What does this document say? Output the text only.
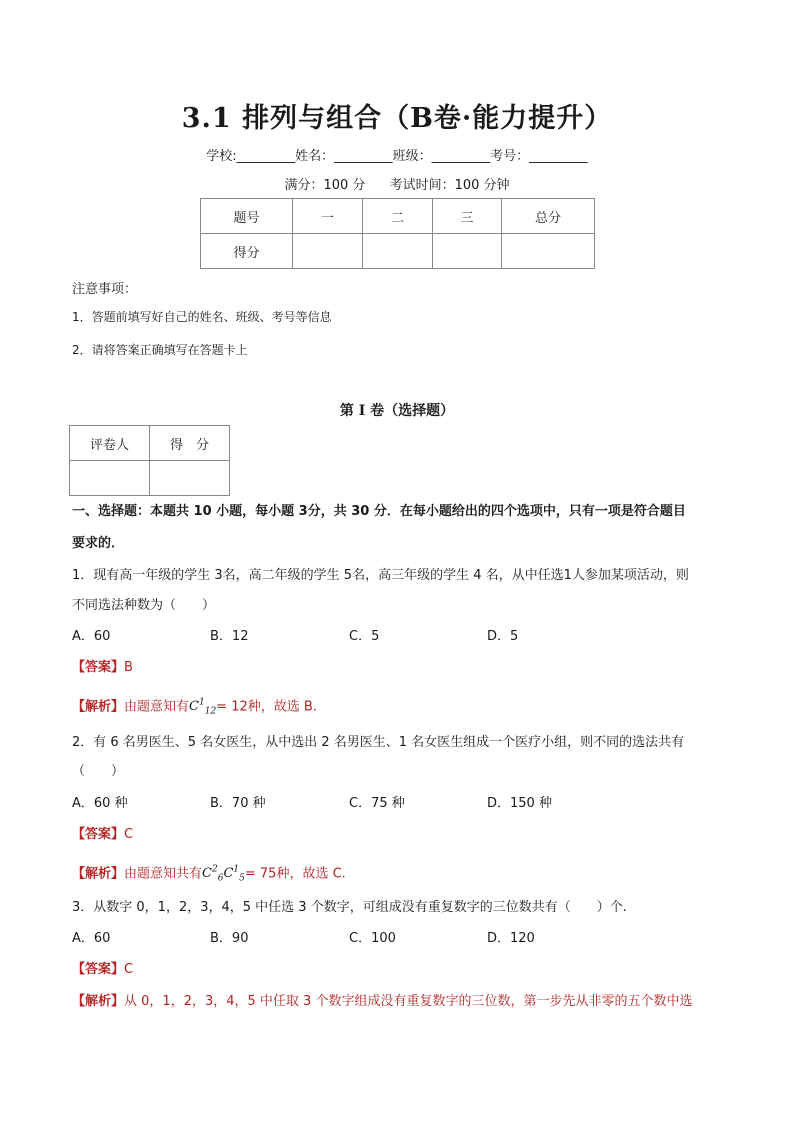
3.1 排列与组合（B卷·能力提升）
学校:_________姓名：_________班级：_________考号：_________
满分：100 分 考试时间：100 分钟
题号	一	二	三	总分
得分				
注意事项：
1．答题前填写好自己的姓名、班级、考号等信息
2．请将答案正确填写在答题卡上
第 I 卷（选择题）
评卷人	得　分

一、选择题：本题共 10 小题，每小题 3分，共 30 分．在每小题给出的四个选项中，只有一项是符合题目
要求的．
1．现有高一年级的学生 3名，高二年级的学生 5名，高三年级的学生 4 名，从中任选1人参加某项活动，则
不同选法种数为（　　）
A．60	B．12	C．5	D．5
【答案】B
【解析】由题意知有$C^1_{12}= 12$种，故选 B.
2．有 6 名男医生、5 名女医生，从中选出 2 名男医生、1 名女医生组成一个医疗小组，则不同的选法共有
（　　）
A．60 种	B．70 种	C．75 种	D．150 种
【答案】C
【解析】由题意知共有$C^2_6C^1_5= 75$种，故选 C.
3．从数字 0，1，2，3，4，5 中任选 3 个数字，可组成没有重复数字的三位数共有（　　）个.
A．60	B．90	C．100	D．120
【答案】C
【解析】从 0，1，2，3，4，5 中任取 3 个数字组成没有重复数字的三位数，第一步先从非零的五个数中选
